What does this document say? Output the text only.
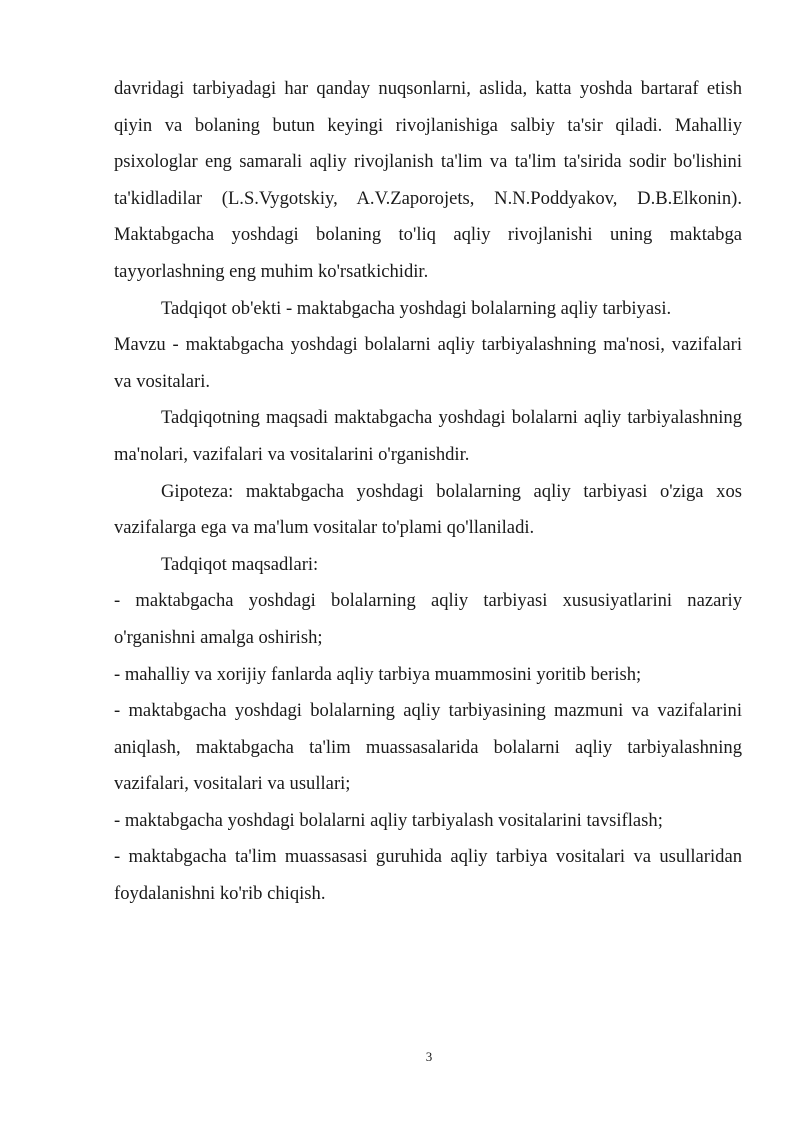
davridagi tarbiyadagi har qanday nuqsonlarni, aslida, katta yoshda bartaraf etish qiyin va bolaning butun keyingi rivojlanishiga salbiy ta'sir qiladi. Mahalliy psixologlar eng samarali aqliy rivojlanish ta'lim va ta'lim ta'sirida sodir bo'lishini ta'kidladilar (L.S.Vygotskiy, A.V.Zaporojets, N.N.Poddyakov, D.B.Elkonin). Maktabgacha yoshdagi bolaning to'liq aqliy rivojlanishi uning maktabga tayyorlashning eng muhim ko'rsatkichidir.

Tadqiqot ob'ekti - maktabgacha yoshdagi bolalarning aqliy tarbiyasi.

Mavzu - maktabgacha yoshdagi bolalarni aqliy tarbiyalashning ma'nosi, vazifalari va vositalari.

Tadqiqotning maqsadi maktabgacha yoshdagi bolalarni aqliy tarbiyalashning ma'nolari, vazifalari va vositalarini o'rganishdir.

Gipoteza: maktabgacha yoshdagi bolalarning aqliy tarbiyasi o'ziga xos vazifalarga ega va ma'lum vositalar to'plami qo'llaniladi.

Tadqiqot maqsadlari:

- maktabgacha yoshdagi bolalarning aqliy tarbiyasi xususiyatlarini nazariy o'rganishni amalga oshirish;

- mahalliy va xorijiy fanlarda aqliy tarbiya muammosini yoritib berish;

- maktabgacha yoshdagi bolalarning aqliy tarbiyasining mazmuni va vazifalarini aniqlash, maktabgacha ta'lim muassasalarida bolalarni aqliy tarbiyalashning vazifalari, vositalari va usullari;

- maktabgacha yoshdagi bolalarni aqliy tarbiyalash vositalarini tavsiflash;

- maktabgacha ta'lim muassasasi guruhida aqliy tarbiya vositalari va usullaridan foydalanishni ko'rib chiqish.

3
